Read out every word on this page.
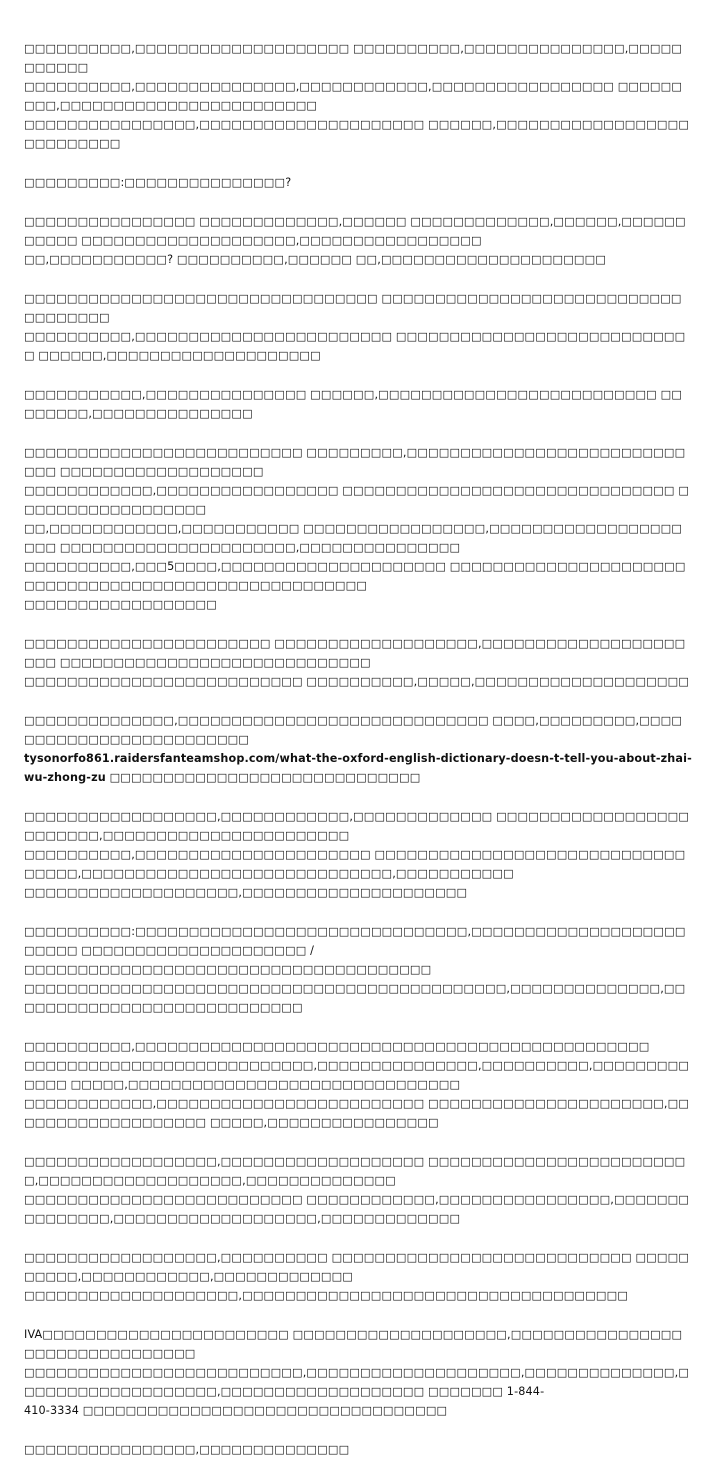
□□□□□□□□□□,□□□□□□□□□□□□□□□□□□□□ □□□□□□□□□□,□□□□□□□□□□□□□□□,□□□□□□□□□□□
□□□□□□□□□□,□□□□□□□□□□□□□□□,□□□□□□□□□□□□,□□□□□□□□□□□□□□□□□ □□□□□□□□□,□□□□□□□□□□□□□□□□□□□□□□□□
□□□□□□□□□□□□□□□□,□□□□□□□□□□□□□□□□□□□□□ □□□□□□,□□□□□□□□□□□□□□□□□□□□□□□□□□□

□□□□□□□□□:□□□□□□□□□□□□□□□?

□□□□□□□□□□□□□□□□ □□□□□□□□□□□□□,□□□□□□ □□□□□□□□□□□□□,□□□□□□,□□□□□□□□□□□ □□□□□□□□□□□□□□□□□□□□,□□□□□□□□□□□□□□□□□
□□,□□□□□□□□□□□? □□□□□□□□□□,□□□□□□ □□,□□□□□□□□□□□□□□□□□□□□□

□□□□□□□□□□□□□□□□□□□□□□□□□□□□□□□□□ □□□□□□□□□□□□□□□□□□□□□□□□□□□□□□□□□□□□
□□□□□□□□□□,□□□□□□□□□□□□□□□□□□□□□□□□ □□□□□□□□□□□□□□□□□□□□□□□□□□□□ □□□□□□,□□□□□□□□□□□□□□□□□□□□

□□□□□□□□□□□,□□□□□□□□□□□□□□□ □□□□□□,□□□□□□□□□□□□□□□□□□□□□□□□□□ □□□□□□□□,□□□□□□□□□□□□□□□

□□□□□□□□□□□□□□□□□□□□□□□□□□ □□□□□□□□□,□□□□□□□□□□□□□□□□□□□□□□□□□□□□□ □□□□□□□□□□□□□□□□□□□
□□□□□□□□□□□□,□□□□□□□□□□□□□□□□□ □□□□□□□□□□□□□□□□□□□□□□□□□□□□□□□ □□□□□□□□□□□□□□□□□□
□□,□□□□□□□□□□□□,□□□□□□□□□□□ □□□□□□□□□□□□□□□□□,□□□□□□□□□□□□□□□□□□□□□ □□□□□□□□□□□□□□□□□□□□□□,□□□□□□□□□□□□□□□
□□□□□□□□□□,□□□5□□□□,□□□□□□□□□□□□□□□□□□□□□ □□□□□□□□□□□□□□□□□□□□□□□□□□□□□□□□□□□□□□□□□□□□□□□□□□□□□□
□□□□□□□□□□□□□□□□□□

□□□□□□□□□□□□□□□□□□□□□□□ □□□□□□□□□□□□□□□□□□□,□□□□□□□□□□□□□□□□□□□□□□ □□□□□□□□□□□□□□□□□□□□□□□□□□□□□
□□□□□□□□□□□□□□□□□□□□□□□□□□ □□□□□□□□□□,□□□□□,□□□□□□□□□□□□□□□□□□□□

□□□□□□□□□□□□□□,□□□□□□□□□□□□□□□□□□□□□□□□□□□□□ □□□□,□□□□□□□□□,□□□□□□□□□□□□□□□□□□□□□□□□□
tysonorfo861.raidersfanteamshop.com/what-the-oxford-english-dictionary-doesn-t-tell-you-about-zhai-wu-zhong-zu □□□□□□□□□□□□□□□□□□□□□□□□□□□□□

□□□□□□□□□□□□□□□□□□,□□□□□□□□□□□□,□□□□□□□□□□□□□ □□□□□□□□□□□□□□□□□□□□□□□□□,□□□□□□□□□□□□□□□□□□□□□□□
□□□□□□□□□□,□□□□□□□□□□□□□□□□□□□□□□ □□□□□□□□□□□□□□□□□□□□□□□□□□□□□□□□□□,□□□□□□□□□□□□□□□□□□□□□□□□□□□□□,□□□□□□□□□□□
□□□□□□□□□□□□□□□□□□□□,□□□□□□□□□□□□□□□□□□□□□

□□□□□□□□□□:□□□□□□□□□□□□□□□□□□□□□□□□□□□□□□□,□□□□□□□□□□□□□□□□□□□□□□□□□ □□□□□□□□□□□□□□□□□□□□□ /
□□□□□□□□□□□□□□□□□□□□□□□□□□□□□□□□□□□□□□
□□□□□□□□□□□□□□□□□□□□□□□□□□□□□□□□□□□□□□□□□□□□□,□□□□□□□□□□□□□□,□□□□□□□□□□□□□□□□□□□□□□□□□□□□

□□□□□□□□□□,□□□□□□□□□□□□□□□□□□□□□□□□□□□□□□□□□□□□□□□□□□□□□□□□
□□□□□□□□□□□□□□□□□□□□□□□□□□□,□□□□□□□□□□□□□□□,□□□□□□□□□□,□□□□□□□□□□□□□ □□□□□,□□□□□□□□□□□□□□□□□□□□□□□□□□□□□□□
□□□□□□□□□□□□,□□□□□□□□□□□□□□□□□□□□□□□□□ □□□□□□□□□□□□□□□□□□□□□□,□□□□□□□□□□□□□□□□□□□ □□□□□,□□□□□□□□□□□□□□□□

□□□□□□□□□□□□□□□□□□,□□□□□□□□□□□□□□□□□□□ □□□□□□□□□□□□□□□□□□□□□□□□□,□□□□□□□□□□□□□□□□□□□,□□□□□□□□□□□□□□
□□□□□□□□□□□□□□□□□□□□□□□□□□ □□□□□□□□□□□□,□□□□□□□□□□□□□□□□,□□□□□□□□□□□□□□□,□□□□□□□□□□□□□□□□□□□,□□□□□□□□□□□□□

□□□□□□□□□□□□□□□□□□,□□□□□□□□□□ □□□□□□□□□□□□□□□□□□□□□□□□□□□□ □□□□□□□□□□,□□□□□□□□□□□□,□□□□□□□□□□□□□
□□□□□□□□□□□□□□□□□□□□,□□□□□□□□□□□□□□□□□□□□□□□□□□□□□□□□□□□□

IVA□□□□□□□□□□□□□□□□□□□□□□□ □□□□□□□□□□□□□□□□□□□□,□□□□□□□□□□□□□□□□□□□□□□□□□□□□□□□□
□□□□□□□□□□□□□□□□□□□□□□□□□□,□□□□□□□□□□□□□□□□□□□□,□□□□□□□□□□□□□□,□□□□□□□□□□□□□□□□□□□,□□□□□□□□□□□□□□□□□□□ □□□□□□□ 1-844-
410-3334 □□□□□□□□□□□□□□□□□□□□□□□□□□□□□□□□□□

□□□□□□□□□□□□□□□□,□□□□□□□□□□□□□□
